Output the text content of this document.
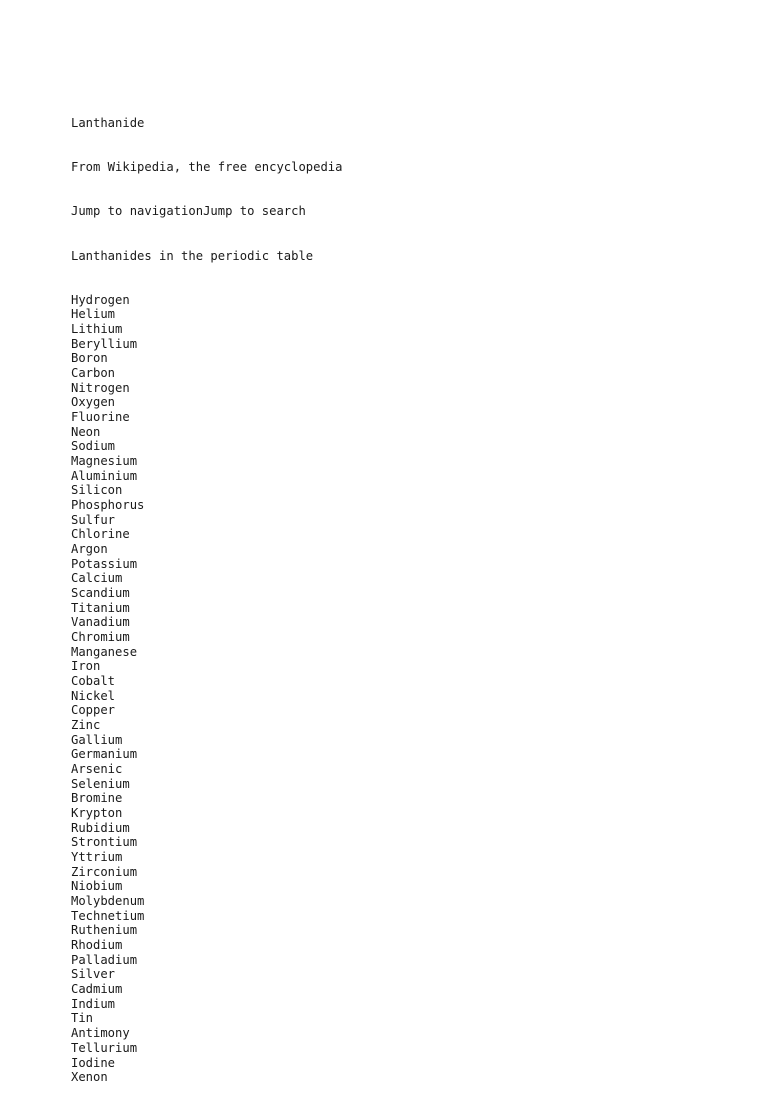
Lanthanide

From Wikipedia, the free encyclopedia

Jump to navigationJump to search

Lanthanides in the periodic table

Hydrogen
Helium
Lithium
Beryllium
Boron
Carbon
Nitrogen
Oxygen
Fluorine
Neon
Sodium
Magnesium
Aluminium
Silicon
Phosphorus
Sulfur
Chlorine
Argon
Potassium
Calcium
Scandium
Titanium
Vanadium
Chromium
Manganese
Iron
Cobalt
Nickel
Copper
Zinc
Gallium
Germanium
Arsenic
Selenium
Bromine
Krypton
Rubidium
Strontium
Yttrium
Zirconium
Niobium
Molybdenum
Technetium
Ruthenium
Rhodium
Palladium
Silver
Cadmium
Indium
Tin
Antimony
Tellurium
Iodine
Xenon
